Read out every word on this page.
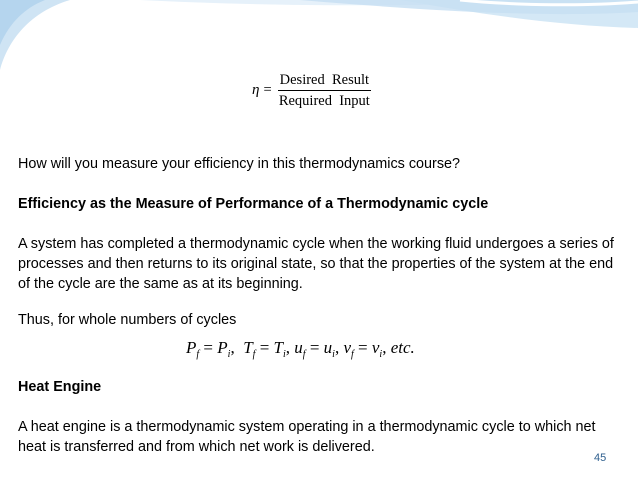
$\eta = \frac{\text{Desired  Result}}{\text{Required  Input}}$
How will you measure your efficiency in this thermodynamics course?
Efficiency as the Measure of Performance of a Thermodynamic cycle
A system has completed a thermodynamic cycle when the working fluid undergoes a series of processes and then returns to its original state, so that the properties of the system at the end of the cycle are the same as at its beginning.
Thus, for whole numbers of cycles
$P_f = P_i$,  $T_f = T_i$, $u_f = u_i$, $v_f = v_i$, etc.
Heat Engine
A heat engine is a thermodynamic system operating in a thermodynamic cycle to which net heat is transferred and from which net work is delivered.
45
